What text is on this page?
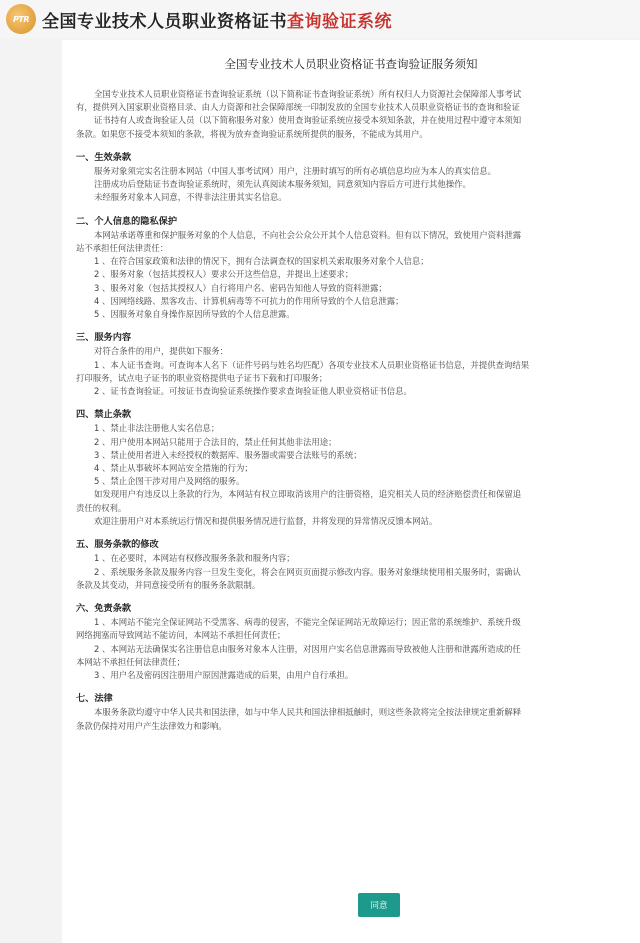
PTR 全国专业技术人员职业资格证书查询验证系统
全国专业技术人员职业资格证书查询验证服务须知

全国专业技术人员职业资格证书查询验证系统（以下简称证书查询验证系统）所有权归人力资源社会保障部人事考试

有，提供列入国家职业资格目录、由人力资源和社会保障部统一印制发放的全国专业技术人员职业资格证书的查询和验证

证书持有人或查询验证人员（以下简称服务对象）使用查询验证系统应接受本须知条款，并在使用过程中遵守本须知

条款。如果您不接受本须知的条款，将视为放弃查询验证系统所提供的服务，不能成为其用户。

一、生效条款

服务对象须完实名注册本网站（中国人事考试网）用户，注册时填写的所有必填信息均应为本人的真实信息。

注册成功后登陆证书查询验证系统时，须先认真阅读本服务须知，同意须知内容后方可进行其他操作。

未经服务对象本人同意，不得非法注册其实名信息。

二、个人信息的隐私保护

本网站承诺尊重和保护服务对象的个人信息，不向社会公众公开其个人信息资料。但有以下情况，致使用户资料泄露

站不承担任何法律责任：

1 、在符合国家政策和法律的情况下，拥有合法调查权的国家机关索取服务对象个人信息；

2 、服务对象（包括其授权人）要求公开这些信息，并提出上述要求；

3 、服务对象（包括其授权人）自行将用户名、密码告知他人导致的资料泄露；

4 、因网络线路、黑客攻击、计算机病毒等不可抗力的作用所导致的个人信息泄露；

5 、因服务对象自身操作原因所导致的个人信息泄露。

三、服务内容

对符合条件的用户，提供如下服务：

1 、本人证书查询。可查询本人名下（证件号码与姓名均匹配）各项专业技术人员职业资格证书信息，并提供查询结果

打印服务，试点电子证书的职业资格提供电子证书下载和打印服务；

2 、证书查询验证。可按证书查询验证系统操作要求查询验证他人职业资格证书信息。

四、禁止条款

1 、禁止非法注册他人实名信息；

2 、用户使用本网站只能用于合法目的，禁止任何其他非法用途；

3 、禁止使用者进入未经授权的数据库、服务器或需要合法账号的系统；

4 、禁止从事破坏本网站安全措施的行为；

5 、禁止企图干涉对用户及网络的服务。

如发现用户有违反以上条款的行为，本网站有权立即取消该用户的注册资格，追究相关人员的经济赔偿责任和保留追

责任的权利。

欢迎注册用户对本系统运行情况和提供服务情况进行监督，并将发现的异常情况反馈本网站。

五、服务条款的修改

1 、在必要时，本网站有权修改服务条款和服务内容；

2 、系统服务条款及服务内容一旦发生变化，将会在网页页面提示修改内容。服务对象继续使用相关服务时，需确认

条款及其变动，并同意接受所有的服务条款限制。

六、免责条款

1 、本网站不能完全保证网站不受黑客、病毒的侵害，不能完全保证网站无故障运行；因正常的系统维护、系统升级

网络拥塞而导致网站不能访问，本网站不承担任何责任；

2 、本网站无法确保实名注册信息由服务对象本人注册，对因用户实名信息泄露而导致被他人注册和泄露所造成的任

本网站不承担任何法律责任；

3 、用户名及密码因注册用户原因泄露造成的后果，由用户自行承担。

七、法律

本服务条款均遵守中华人民共和国法律，如与中华人民共和国法律相抵触时，则这些条款将完全按法律规定重新解释

条款仍保持对用户产生法律效力和影响。

同意
